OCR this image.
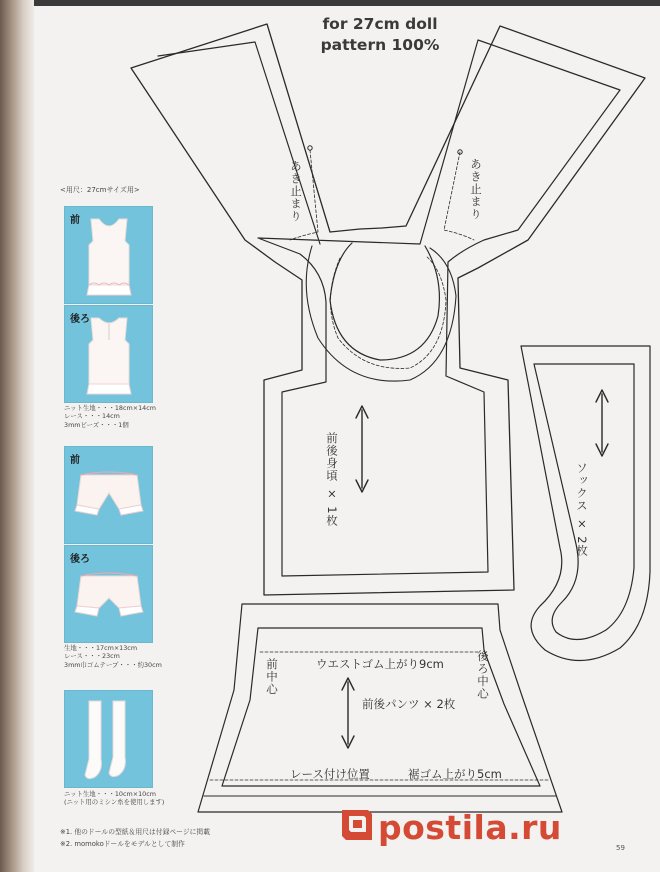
for 27cm doll
pattern 100%
あき止まり	あき止まり
前後身頃 × 1枚	ソックス × 2枚
ウエストゴム上がり9cm
前中心	後ろ中心
前後パンツ × 2枚
レース付け位置	裾ゴム上がり5cm
<用尺：27cmサイズ用>
前
後ろ
ニット生地・・・18cm×14cm
レース・・・14cm
3mmビーズ・・・1個
前
後ろ
生地・・・17cm×13cm
レース・・・23cm
3mm巾ゴムテープ・・・約30cm
ニット生地・・・10cm×10cm
(ニット用のミシン糸を使用します)
※1. 他のドールの型紙＆用尺は付録ページに掲載
※2. momokoドールをモデルとして制作	59
postila.ru
